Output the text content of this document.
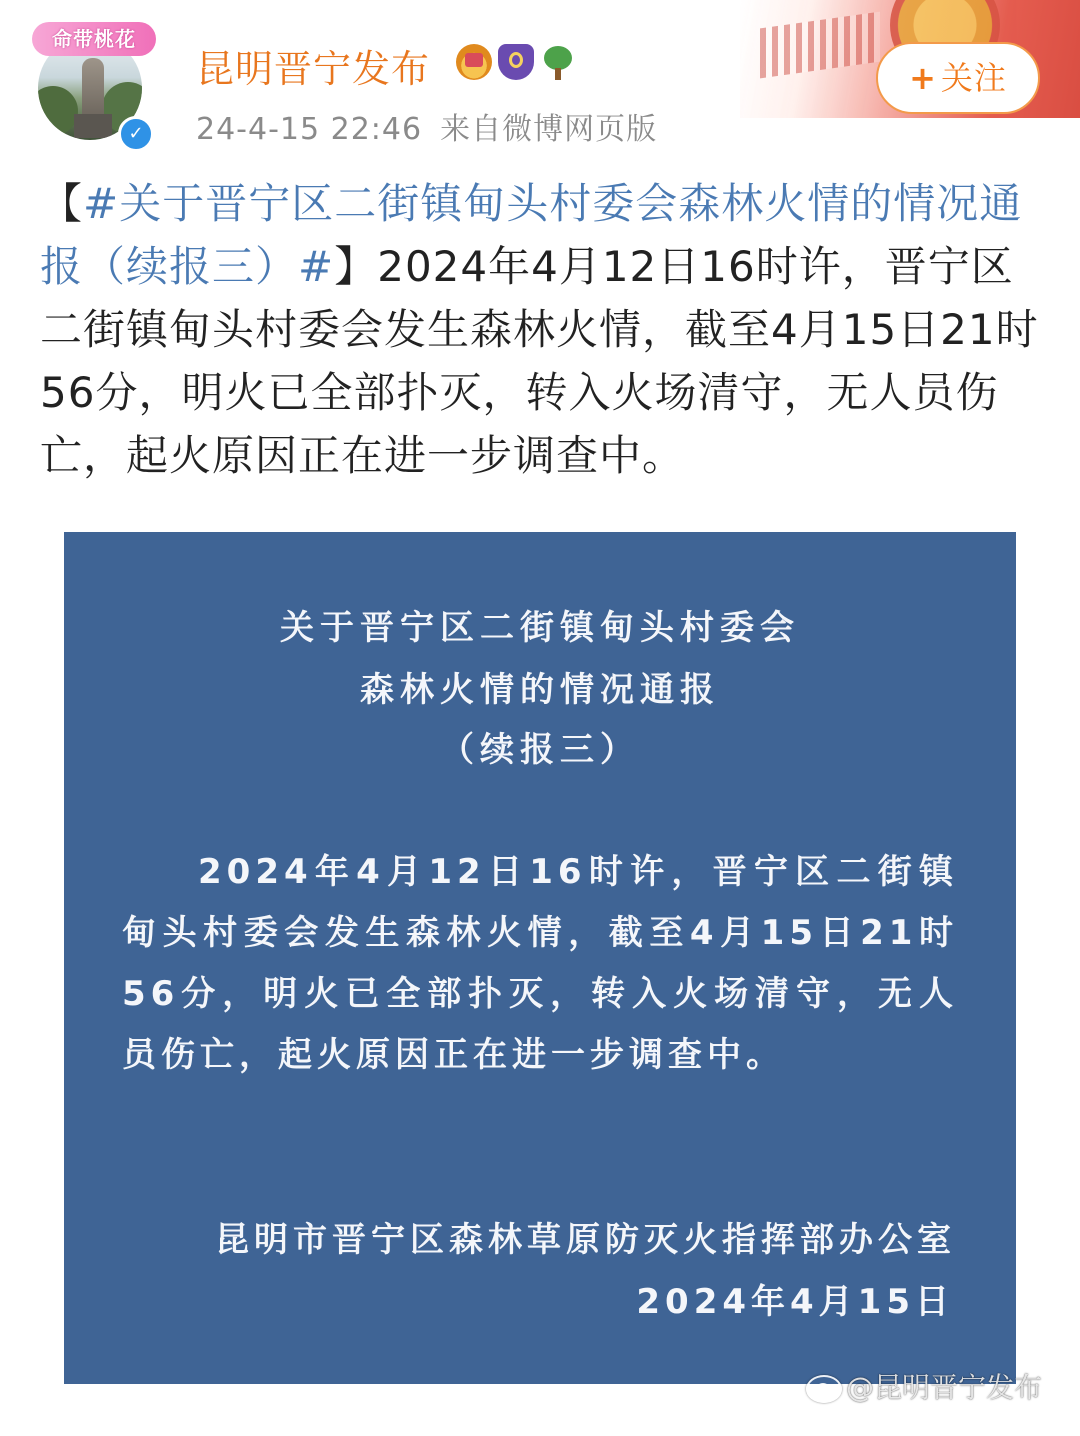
命带桃花
✓
昆明晋宁发布
24-4-15 22:46 来自微博网页版
+ 关注
【#关于晋宁区二街镇甸头村委会森林火情的情况通报（续报三）#】2024年4月12日16时许，晋宁区二街镇甸头村委会发生森林火情，截至4月15日21时56分，明火已全部扑灭，转入火场清守，无人员伤亡，起火原因正在进一步调查中。
关于晋宁区二街镇甸头村委会
森林火情的情况通报
（续报三）
2024年4月12日16时许，晋宁区二街镇甸头村委会发生森林火情，截至4月15日21时56分，明火已全部扑灭，转入火场清守，无人员伤亡，起火原因正在进一步调查中。
昆明市晋宁区森林草原防灭火指挥部办公室
2024年4月15日
@昆明晋宁发布
